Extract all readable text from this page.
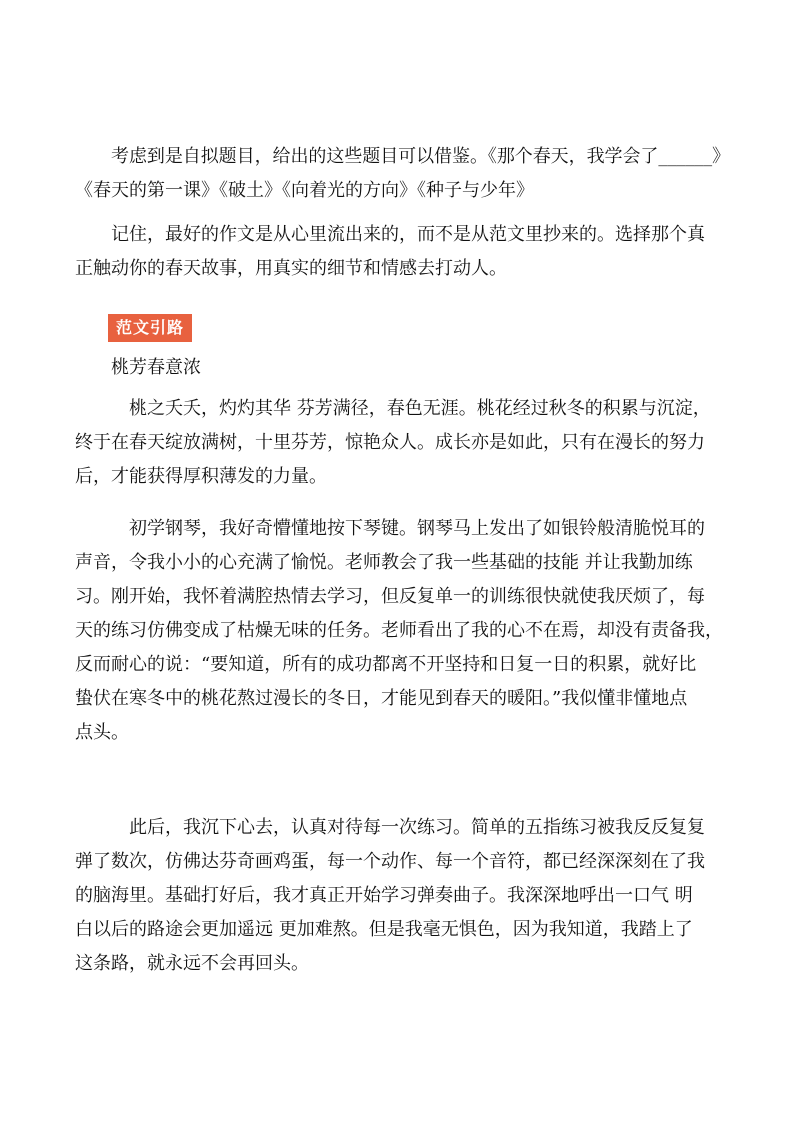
考虑到是自拟题目，给出的这些题目可以借鉴。《那个春天，我学会了______》
《春天的第一课》《破土》《向着光的方向》《种子与少年》
记住，最好的作文是从心里流出来的，而不是从范文里抄来的。选择那个真
正触动你的春天故事，用真实的细节和情感去打动人。
范文引路
桃芳春意浓
桃之夭夭，灼灼其华 芬芳满径，春色无涯。桃花经过秋冬的积累与沉淀，
终于在春天绽放满树，十里芬芳，惊艳众人。成长亦是如此，只有在漫长的努力
后，才能获得厚积薄发的力量。
初学钢琴，我好奇懵懂地按下琴键。钢琴马上发出了如银铃般清脆悦耳的
声音，令我小小的心充满了愉悦。老师教会了我一些基础的技能 并让我勤加练
习。刚开始，我怀着满腔热情去学习，但反复单一的训练很快就使我厌烦了，每
天的练习仿佛变成了枯燥无味的任务。老师看出了我的心不在焉，却没有责备我，
反而耐心的说：“要知道，所有的成功都离不开坚持和日复一日的积累，就好比
蛰伏在寒冬中的桃花熬过漫长的冬日，才能见到春天的暖阳。”我似懂非懂地点
点头。
此后，我沉下心去，认真对待每一次练习。简单的五指练习被我反反复复
弹了数次，仿佛达芬奇画鸡蛋，每一个动作、每一个音符，都已经深深刻在了我
的脑海里。基础打好后，我才真正开始学习弹奏曲子。我深深地呼出一口气 明
白以后的路途会更加遥远 更加难熬。但是我毫无惧色，因为我知道，我踏上了
这条路，就永远不会再回头。
